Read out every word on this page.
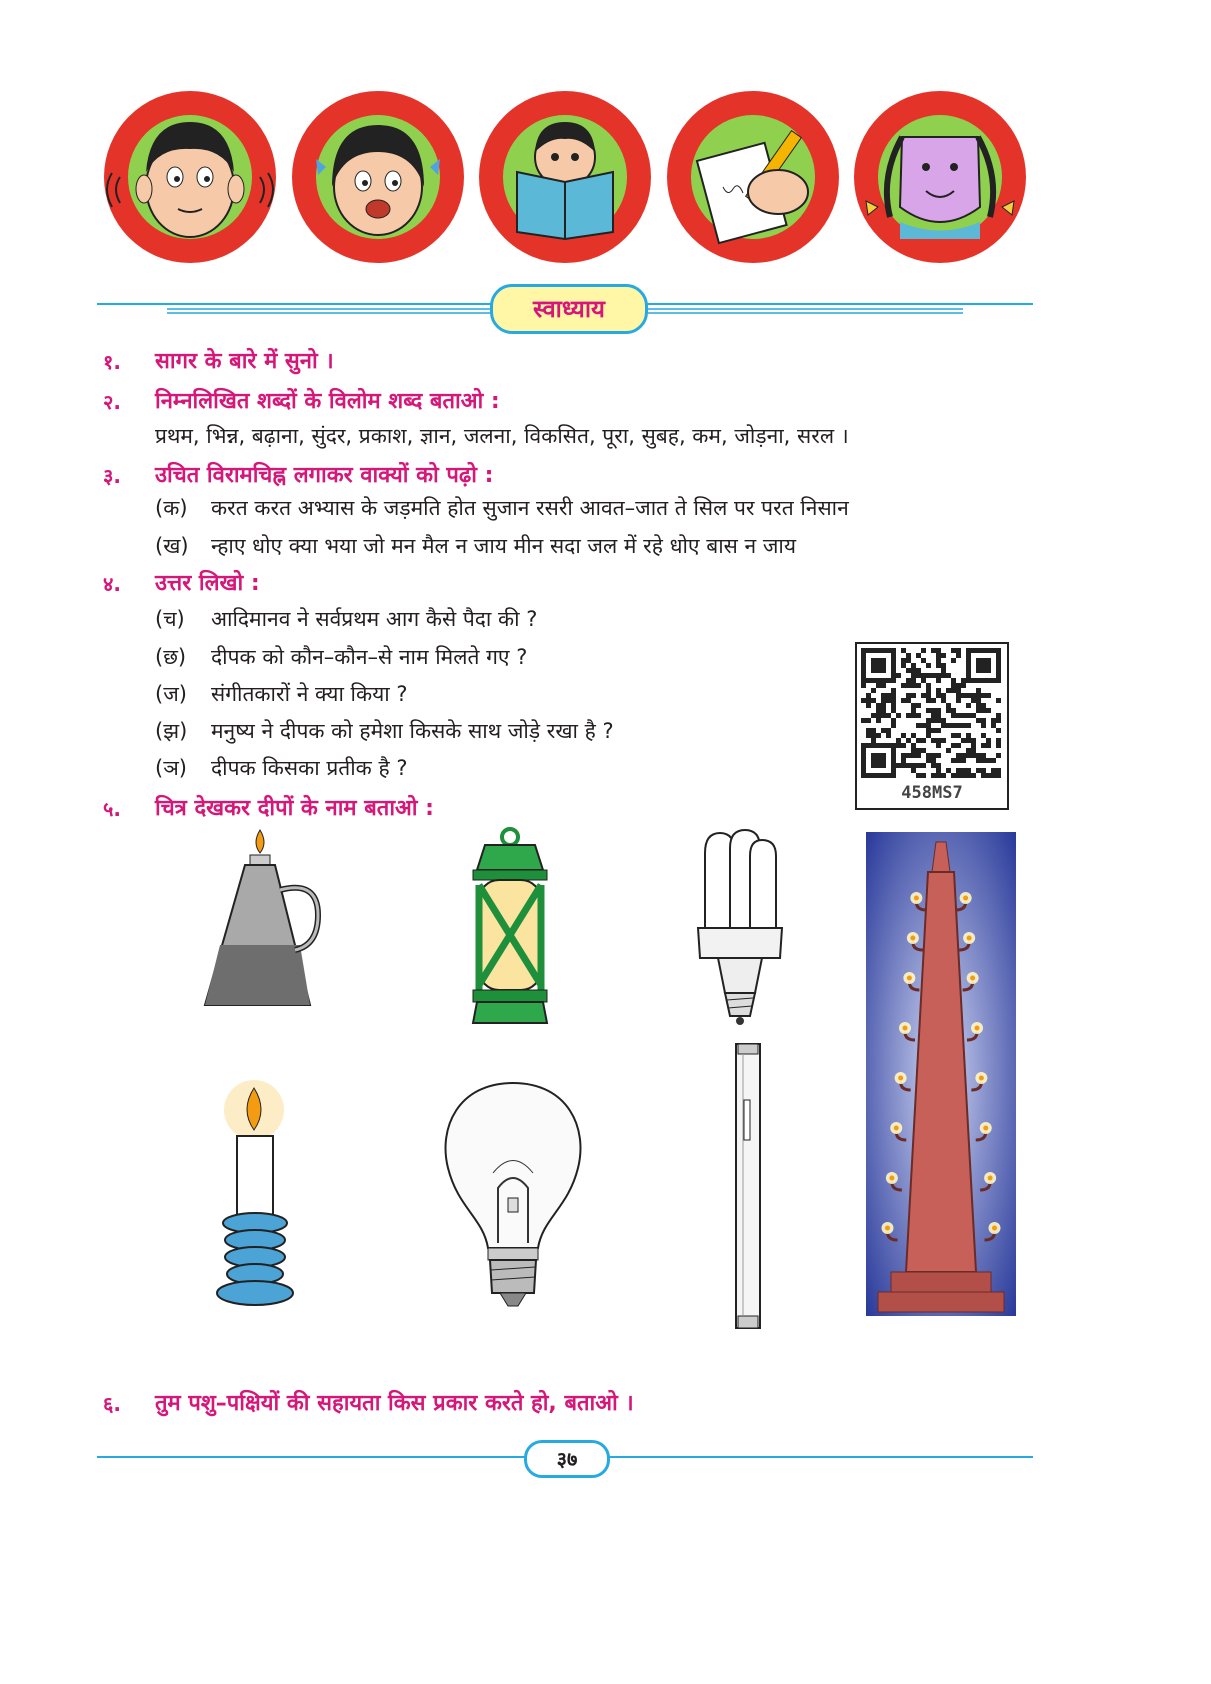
स्वाध्याय
१. सागर के बारे में सुनो ।
२. निम्नलिखित शब्दों के विलोम शब्द बताओ :
प्रथम, भिन्न, बढ़ाना, सुंदर, प्रकाश, ज्ञान, जलना, विकसित, पूरा, सुबह, कम, जोड़ना, सरल ।
३. उचित विरामचिह्न लगाकर वाक्यों को पढ़ो :
(क) करत करत अभ्यास के जड़मति होत सुजान रसरी आवत–जात ते सिल पर परत निसान
(ख) न्हाए धोए क्या भया जो मन मैल न जाय मीन सदा जल में रहे धोए बास न जाय
४. उत्तर लिखो :
(च) आदिमानव ने सर्वप्रथम आग कैसे पैदा की ?
(छ) दीपक को कौन–कौन–से नाम मिलते गए ?
(ज) संगीतकारों ने क्या किया ?
(झ) मनुष्य ने दीपक को हमेशा किसके साथ जोड़े रखा है ?
(ञ) दीपक किसका प्रतीक है ?
458MS7
५. चित्र देखकर दीपों के नाम बताओ :
६. तुम पशु–पक्षियों की सहायता किस प्रकार करते हो, बताओ ।
३७
